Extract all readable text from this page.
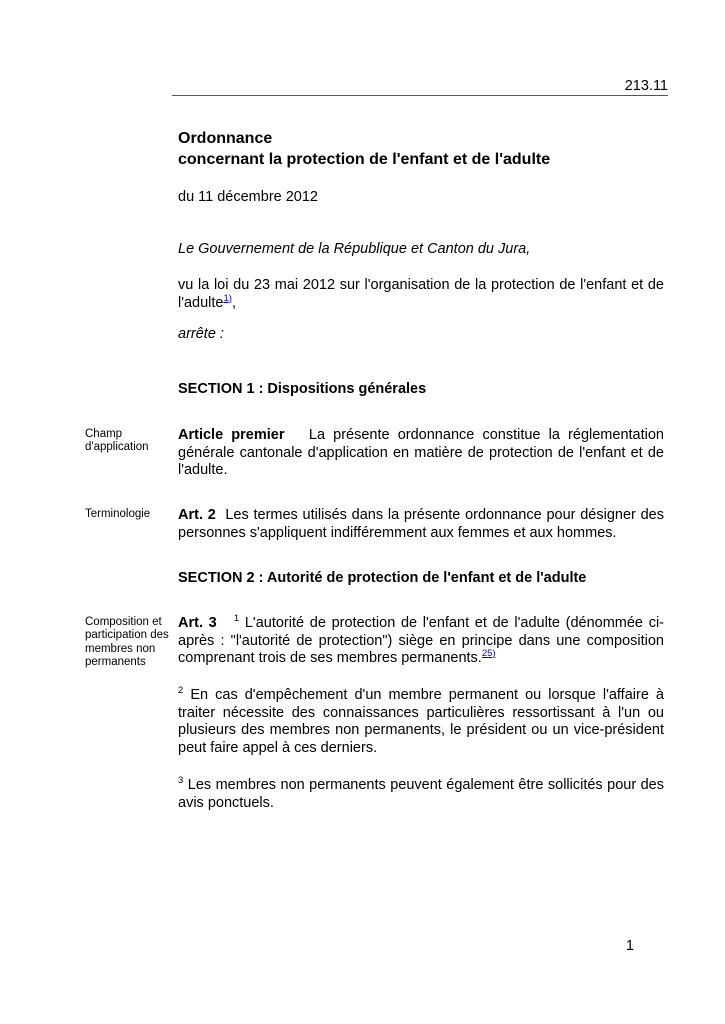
213.11
Ordonnance
concernant la protection de l'enfant et de l'adulte
du 11 décembre 2012
Le Gouvernement de la République et Canton du Jura,
vu la loi du 23 mai 2012 sur l'organisation de la protection de l'enfant et de l'adulte$^{1)}$,
arrête :
SECTION 1 : Dispositions générales
Champ d'application
Article premier La présente ordonnance constitue la réglementation générale cantonale d'application en matière de protection de l'enfant et de l'adulte.
Terminologie	Art. 2 Les termes utilisés dans la présente ordonnance pour désigner des personnes s'appliquent indifféremment aux femmes et aux hommes.
SECTION 2 : Autorité de protection de l'enfant et de l'adulte
Composition et participation des membres non permanents
Art. 3 $^1$ L'autorité de protection de l'enfant et de l'adulte (dénommée ci-après : "l'autorité de protection") siège en principe dans une composition comprenant trois de ses membres permanents.$^{25)}$
$^2$ En cas d'empêchement d'un membre permanent ou lorsque l'affaire à traiter nécessite des connaissances particulières ressortissant à l'un ou plusieurs des membres non permanents, le président ou un vice-président peut faire appel à ces derniers.
$^3$ Les membres non permanents peuvent également être sollicités pour des avis ponctuels.
1
